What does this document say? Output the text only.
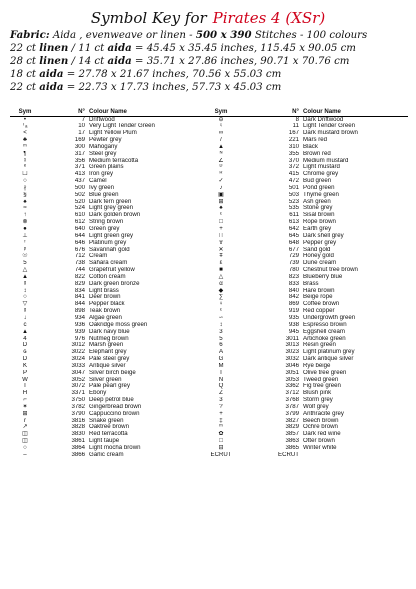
Symbol Key for Pirates 4 (XSr)
Fabric: Aida , evenweave or linen - 500 x 390 Stitches - 100 colours
22 ct linen / 11 ct aida = 45.45 x 35.45 inches, 115.45 x 90.05 cm
28 ct linen / 14 ct aida = 35.71 x 27.86 inches, 90.71 x 70.76 cm
18 ct aida = 27.78 x 21.67 inches, 70.56 x 55.03 cm
22 ct aida = 22.73 x 17.73 inches, 57.73 x 45.03 cm
Sym	N°	Colour Name	Sym	N°	Colour Name
•	7	Driftwood	⊖	8	Dark Driftwood
ᵀₐ	10	Very Light Tender Green	♮	11	Light Tender Green
<	17	Light Yellow Plum	∞	167	Dark mustard brown
♣	169	Pewter grey	/	221	Mars red
ᵐ	300	Mahogany	▲	310	Black
¶	317	Steel grey	ᴺ	355	Brown red
ᵡ	356	Medium terracotta	∠	370	Medium mustard
ᵉ	371	Green plains	ᴰ	372	Light mustard
☐	413	Iron grey	ᴿ	415	Chrome grey
○	437	Camel	✓	472	Bud green
∤	500	Ivy green	♪	501	Pond green
§	502	Blue green	▣	503	Thyme green
♠	520	Dark fern green	⊞	523	Ash green
≈	524	Light grey green	♠	535	Stone grey
↑	610	Dark golden brown	ᵋ	611	Sisal brown
⊗	612	String brown	□	613	Rope brown
●	640	Green grey	+	642	Earth grey
⊥	644	Light green grey	∷	645	Dark shell grey
ᶠ	646	Platinum grey	ɤ	648	Pepper grey
ᵖ	676	Savannah gold	✕	677	Sand gold
☉	712	Cream	ǂ	729	Honey gold
5	738	Sahara cream	ε	739	Dune cream
△	744	Grapefruit yellow	■	780	Chestnut tree brown
▲	822	Cotton cream	△	823	Blueberry blue
ᵍ	829	Dark green bronze	α	833	Brass
↕	834	Light brass	◆	840	Hare brown
○	841	Deer brown	∑	842	Beige rope
▽	844	Pepper black	♀	869	Coffee brown
ᵍ	898	Teak brown	ᵋ	919	Red copper
↓	934	Algae green	∽	935	Undergrowth green
ᴄ	936	Oakridge moss green	↕	938	Espresso brown
▲	939	Dark navy blue	3	945	Eggshell cream
4	976	Nutmeg brown	5	3011	Artichoke green
D	3012	Marsh green	6	3013	Resin green
ɢ	3022	Elephant grey	A	3023	Light platinum grey
D	3024	Pale steel grey	G	3032	Dark antique silver
K	3033	Antique silver	M	3046	Rye beige
P	3047	Silver birch beige	T	3051	Olive tree green
W	3052	Silver green	N	3053	Tweed green
I	3072	Pale pearl grey	Q	3362	Fig tree green
H	3371	Ebony	Z	3712	Blush pink
⌐	3750	Deep petrol blue	3	3768	Storm grey
✶	3782	Gingerbread brown	?	3787	Wolf grey
⊞	3790	Cappuccino brown	+	3799	Anthracite grey
r	3816	Snake green	‡	3827	Beech brown
↗	3828	Oaktree brown	ᵐ	3829	Ochre brown
◫	3830	Red terracotta	✿	3857	Dark red wine
◫	3861	Light taupe	□	3863	Otter brown
○	3864	Light mocha brown	⊟	3865	Winter white
–	3866	Garlic cream	ECRUT	ECRUT	
